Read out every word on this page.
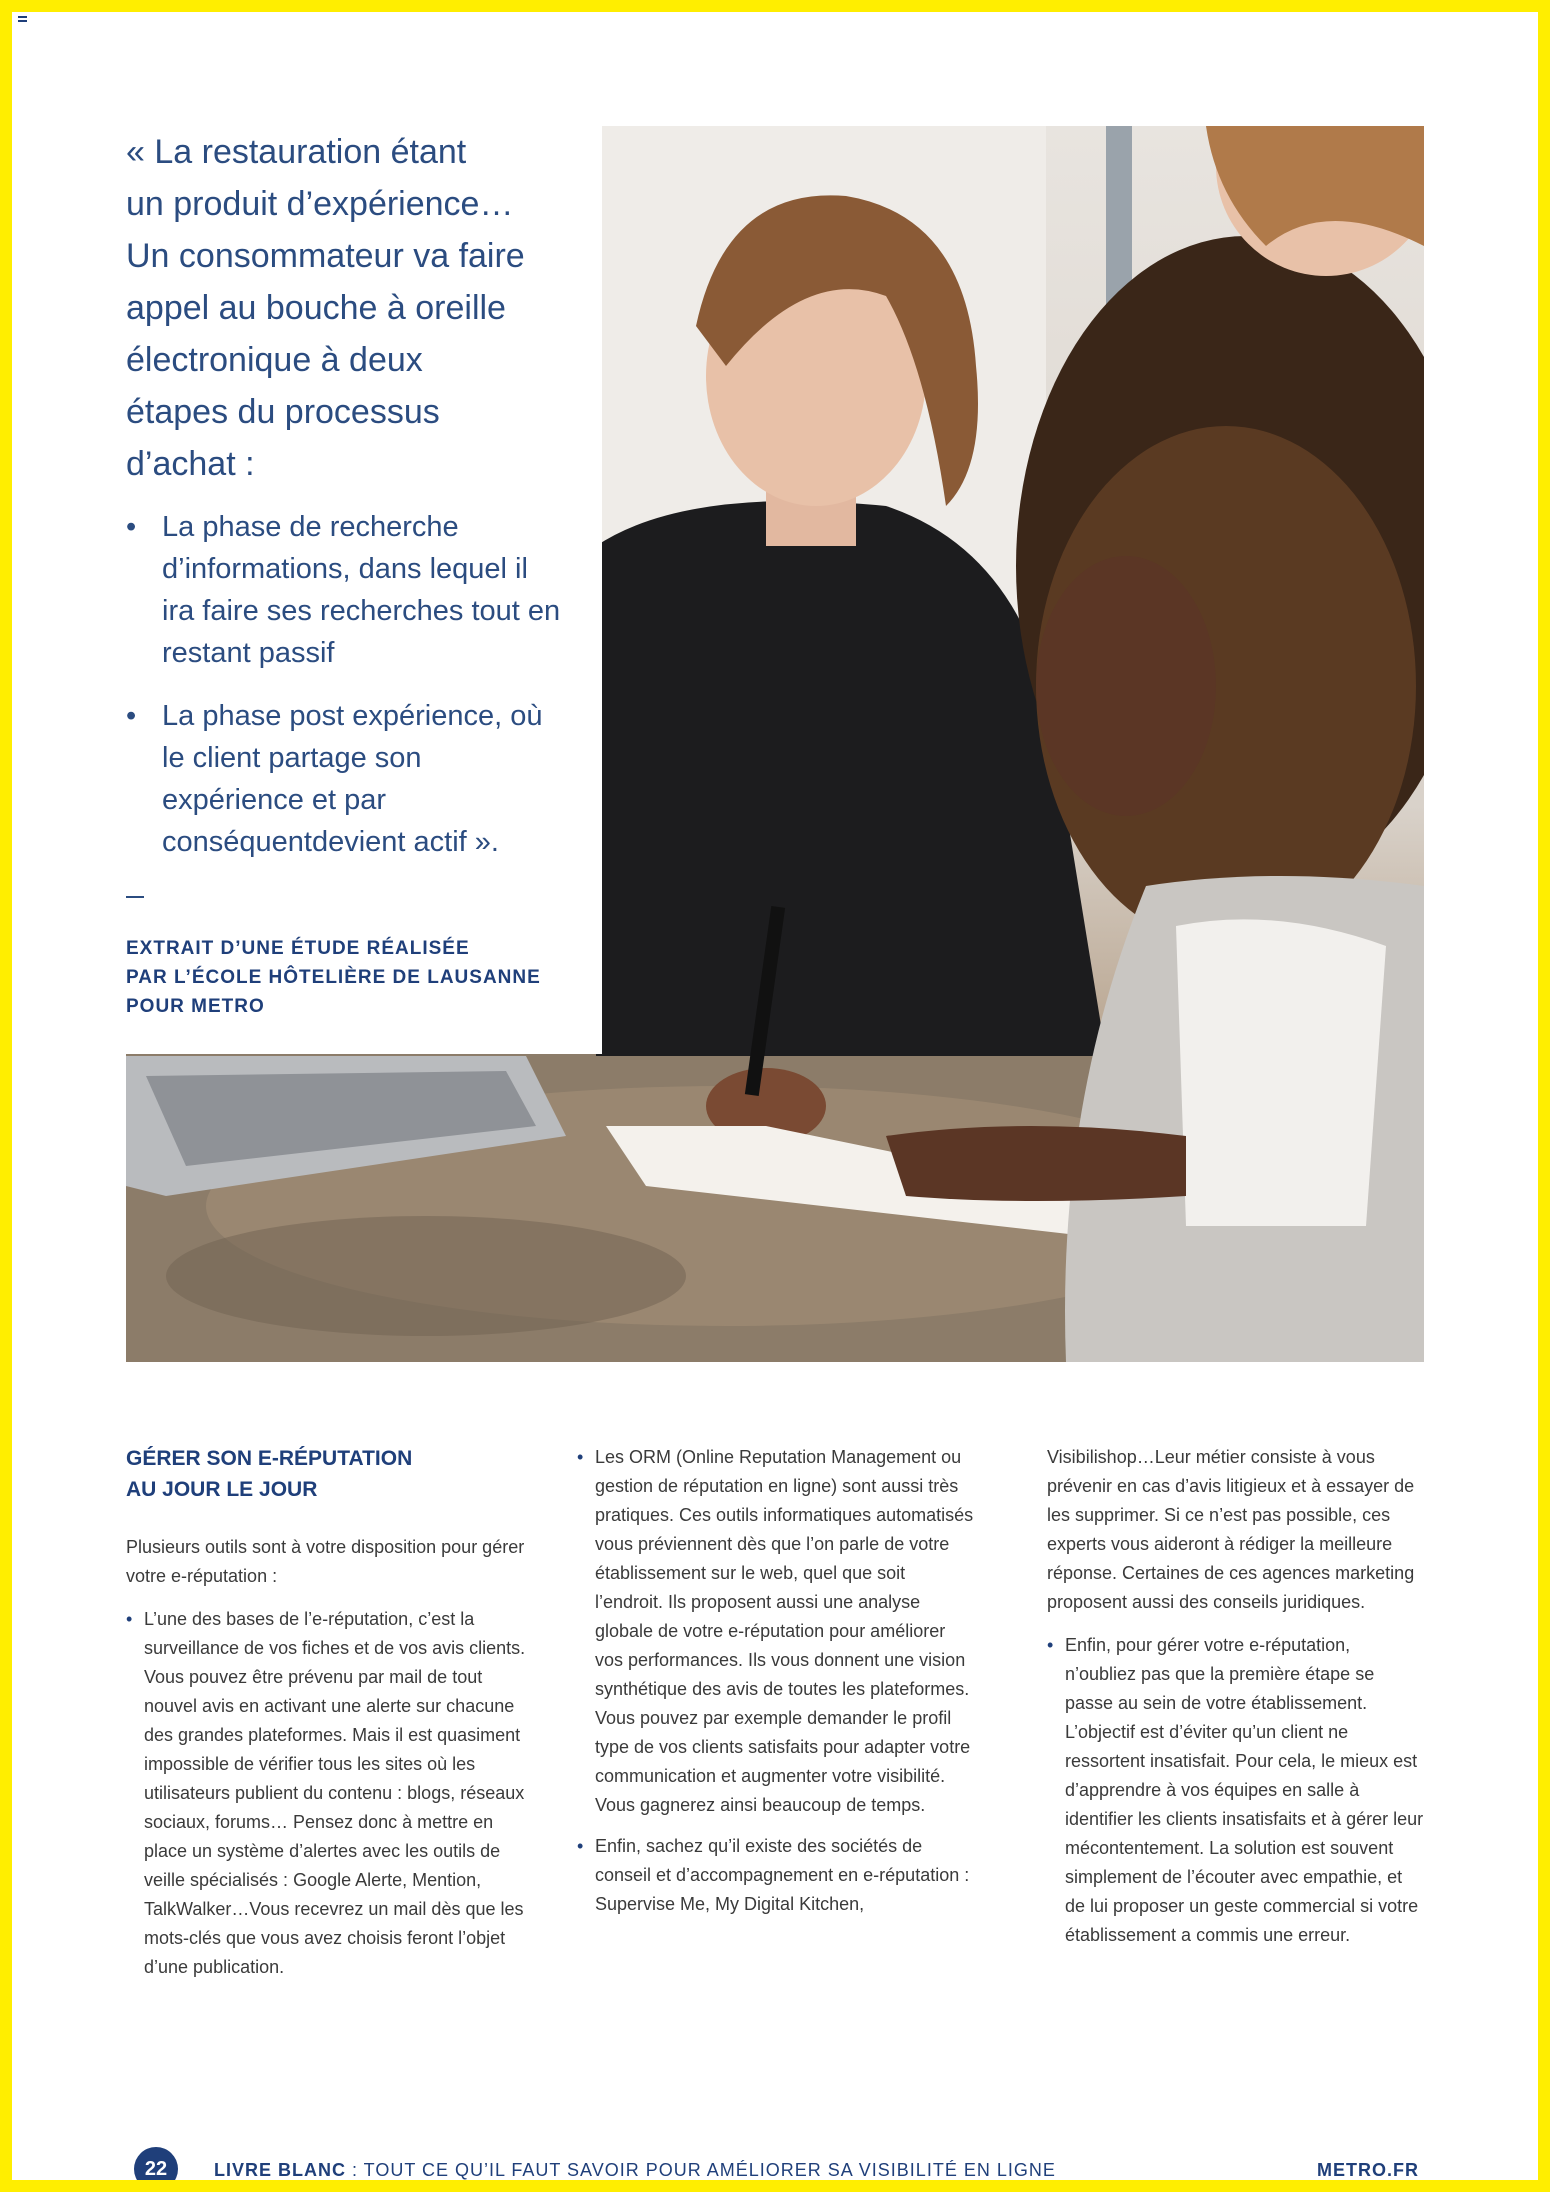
« La restauration étant
un produit d’expérience…
Un consommateur va faire
appel au bouche à oreille
électronique à deux
étapes du processus
d’achat :
• La phase de recherche d’informations, dans lequel il ira faire ses recherches tout en restant passif
• La phase post expérience, où le client partage son expérience et par conséquentdevient actif ».
EXTRAIT D’UNE ÉTUDE RÉALISÉE
PAR L’ÉCOLE HÔTELIÈRE DE LAUSANNE
POUR METRO
GÉRER SON E-RÉPUTATION
AU JOUR LE JOUR

Plusieurs outils sont à votre disposition pour gérer votre e-réputation :

• L’une des bases de l’e-réputation, c’est la surveillance de vos fiches et de vos avis clients. Vous pouvez être prévenu par mail de tout nouvel avis en activant une alerte sur chacune des grandes plateformes. Mais il est quasiment impossible de vérifier tous les sites où les utilisateurs publient du contenu : blogs, réseaux sociaux, forums… Pensez donc à mettre en place un système d’alertes avec les outils de veille spécialisés : Google Alerte, Mention, TalkWalker…Vous recevrez un mail dès que les mots-clés que vous avez choisis feront l’objet d’une publication.
• Les ORM (Online Reputation Management ou gestion de réputation en ligne) sont aussi très pratiques. Ces outils informatiques automatisés vous préviennent dès que l’on parle de votre établissement sur le web, quel que soit l’endroit. Ils proposent aussi une analyse globale de votre e-réputation pour améliorer vos performances. Ils vous donnent une vision synthétique des avis de toutes les plateformes. Vous pouvez par exemple demander le profil type de vos clients satisfaits pour adapter votre communication et augmenter votre visibilité. Vous gagnerez ainsi beaucoup de temps.
• Enfin, sachez qu’il existe des sociétés de conseil et d’accompagnement en e-réputation : Supervise Me, My Digital Kitchen,

Visibilishop…Leur métier consiste à vous prévenir en cas d’avis litigieux et à essayer de les supprimer. Si ce n’est pas possible, ces experts vous aideront à rédiger la meilleure réponse. Certaines de ces agences marketing proposent aussi des conseils juridiques.

• Enfin, pour gérer votre e-réputation, n’oubliez pas que la première étape se passe au sein de votre établissement. L’objectif est d’éviter qu’un client ne ressortent insatisfait. Pour cela, le mieux est d’apprendre à vos équipes en salle à identifier les clients insatisfaits et à gérer leur mécontentement. La solution est souvent simplement de l’écouter avec empathie, et de lui proposer un geste commercial si votre établissement a commis une erreur.
22	LIVRE BLANC : TOUT CE QU’IL FAUT SAVOIR POUR AMÉLIORER SA VISIBILITÉ EN LIGNE	METRO.FR
